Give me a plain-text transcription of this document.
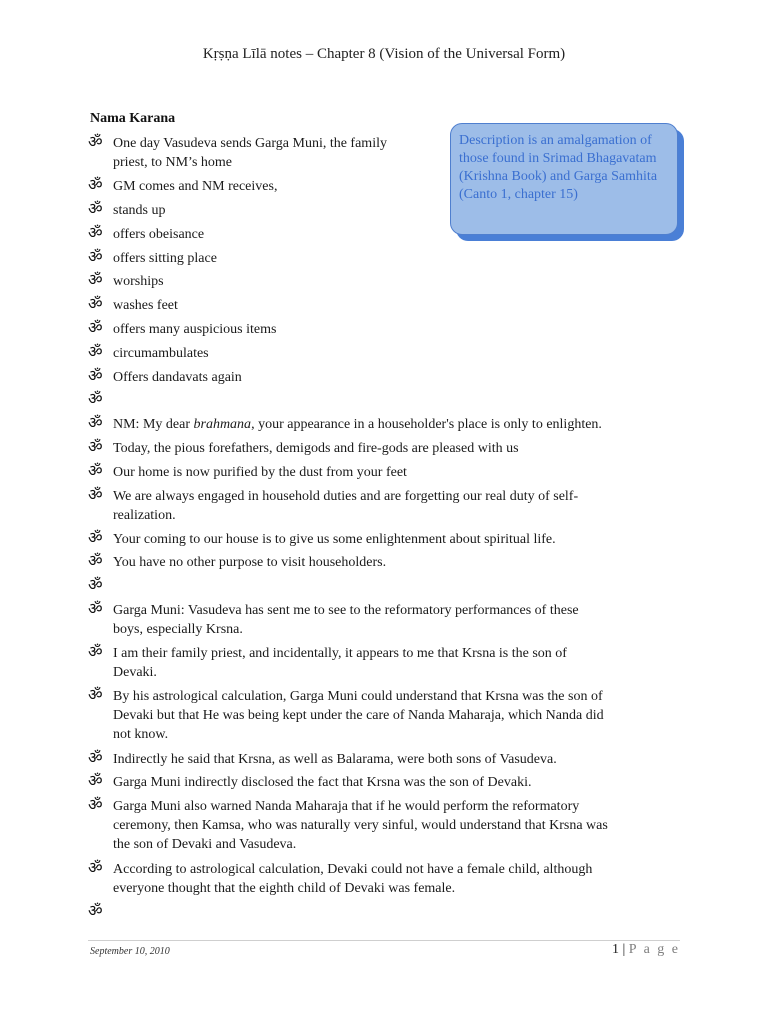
Kṛṣṇa Līlā notes – Chapter 8 (Vision of the Universal Form)
Nama Karana
ॐ One day Vasudeva sends Garga Muni, the family
priest, to NM’s home
ॐ GM comes and NM receives,
ॐ stands up
ॐ offers obeisance
ॐ offers sitting place
ॐ worships
ॐ washes feet
ॐ offers many auspicious items
ॐ circumambulates
ॐ Offers dandavats again
ॐ
ॐ NM: My dear brahmana, your appearance in a householder's place is only to enlighten.
ॐ Today, the pious forefathers, demigods and fire-gods are pleased with us
ॐ Our home is now purified by the dust from your feet
ॐ We are always engaged in household duties and are forgetting our real duty of self-
realization.
ॐ Your coming to our house is to give us some enlightenment about spiritual life.
ॐ You have no other purpose to visit householders.
ॐ
ॐ Garga Muni: Vasudeva has sent me to see to the reformatory performances of these
boys, especially Krsna.
ॐ I am their family priest, and incidentally, it appears to me that Krsna is the son of
Devaki.
ॐ By his astrological calculation, Garga Muni could understand that Krsna was the son of
Devaki but that He was being kept under the care of Nanda Maharaja, which Nanda did
not know.
ॐ Indirectly he said that Krsna, as well as Balarama, were both sons of Vasudeva.
ॐ Garga Muni indirectly disclosed the fact that Krsna was the son of Devaki.
ॐ Garga Muni also warned Nanda Maharaja that if he would perform the reformatory
ceremony, then Kamsa, who was naturally very sinful, would understand that Krsna was
the son of Devaki and Vasudeva.
ॐ According to astrological calculation, Devaki could not have a female child, although
everyone thought that the eighth child of Devaki was female.
ॐ
Description is an amalgamation of those found in Srimad Bhagavatam (Krishna Book) and Garga Samhita (Canto 1, chapter 15)
September 10, 2010	1 | P a g e
